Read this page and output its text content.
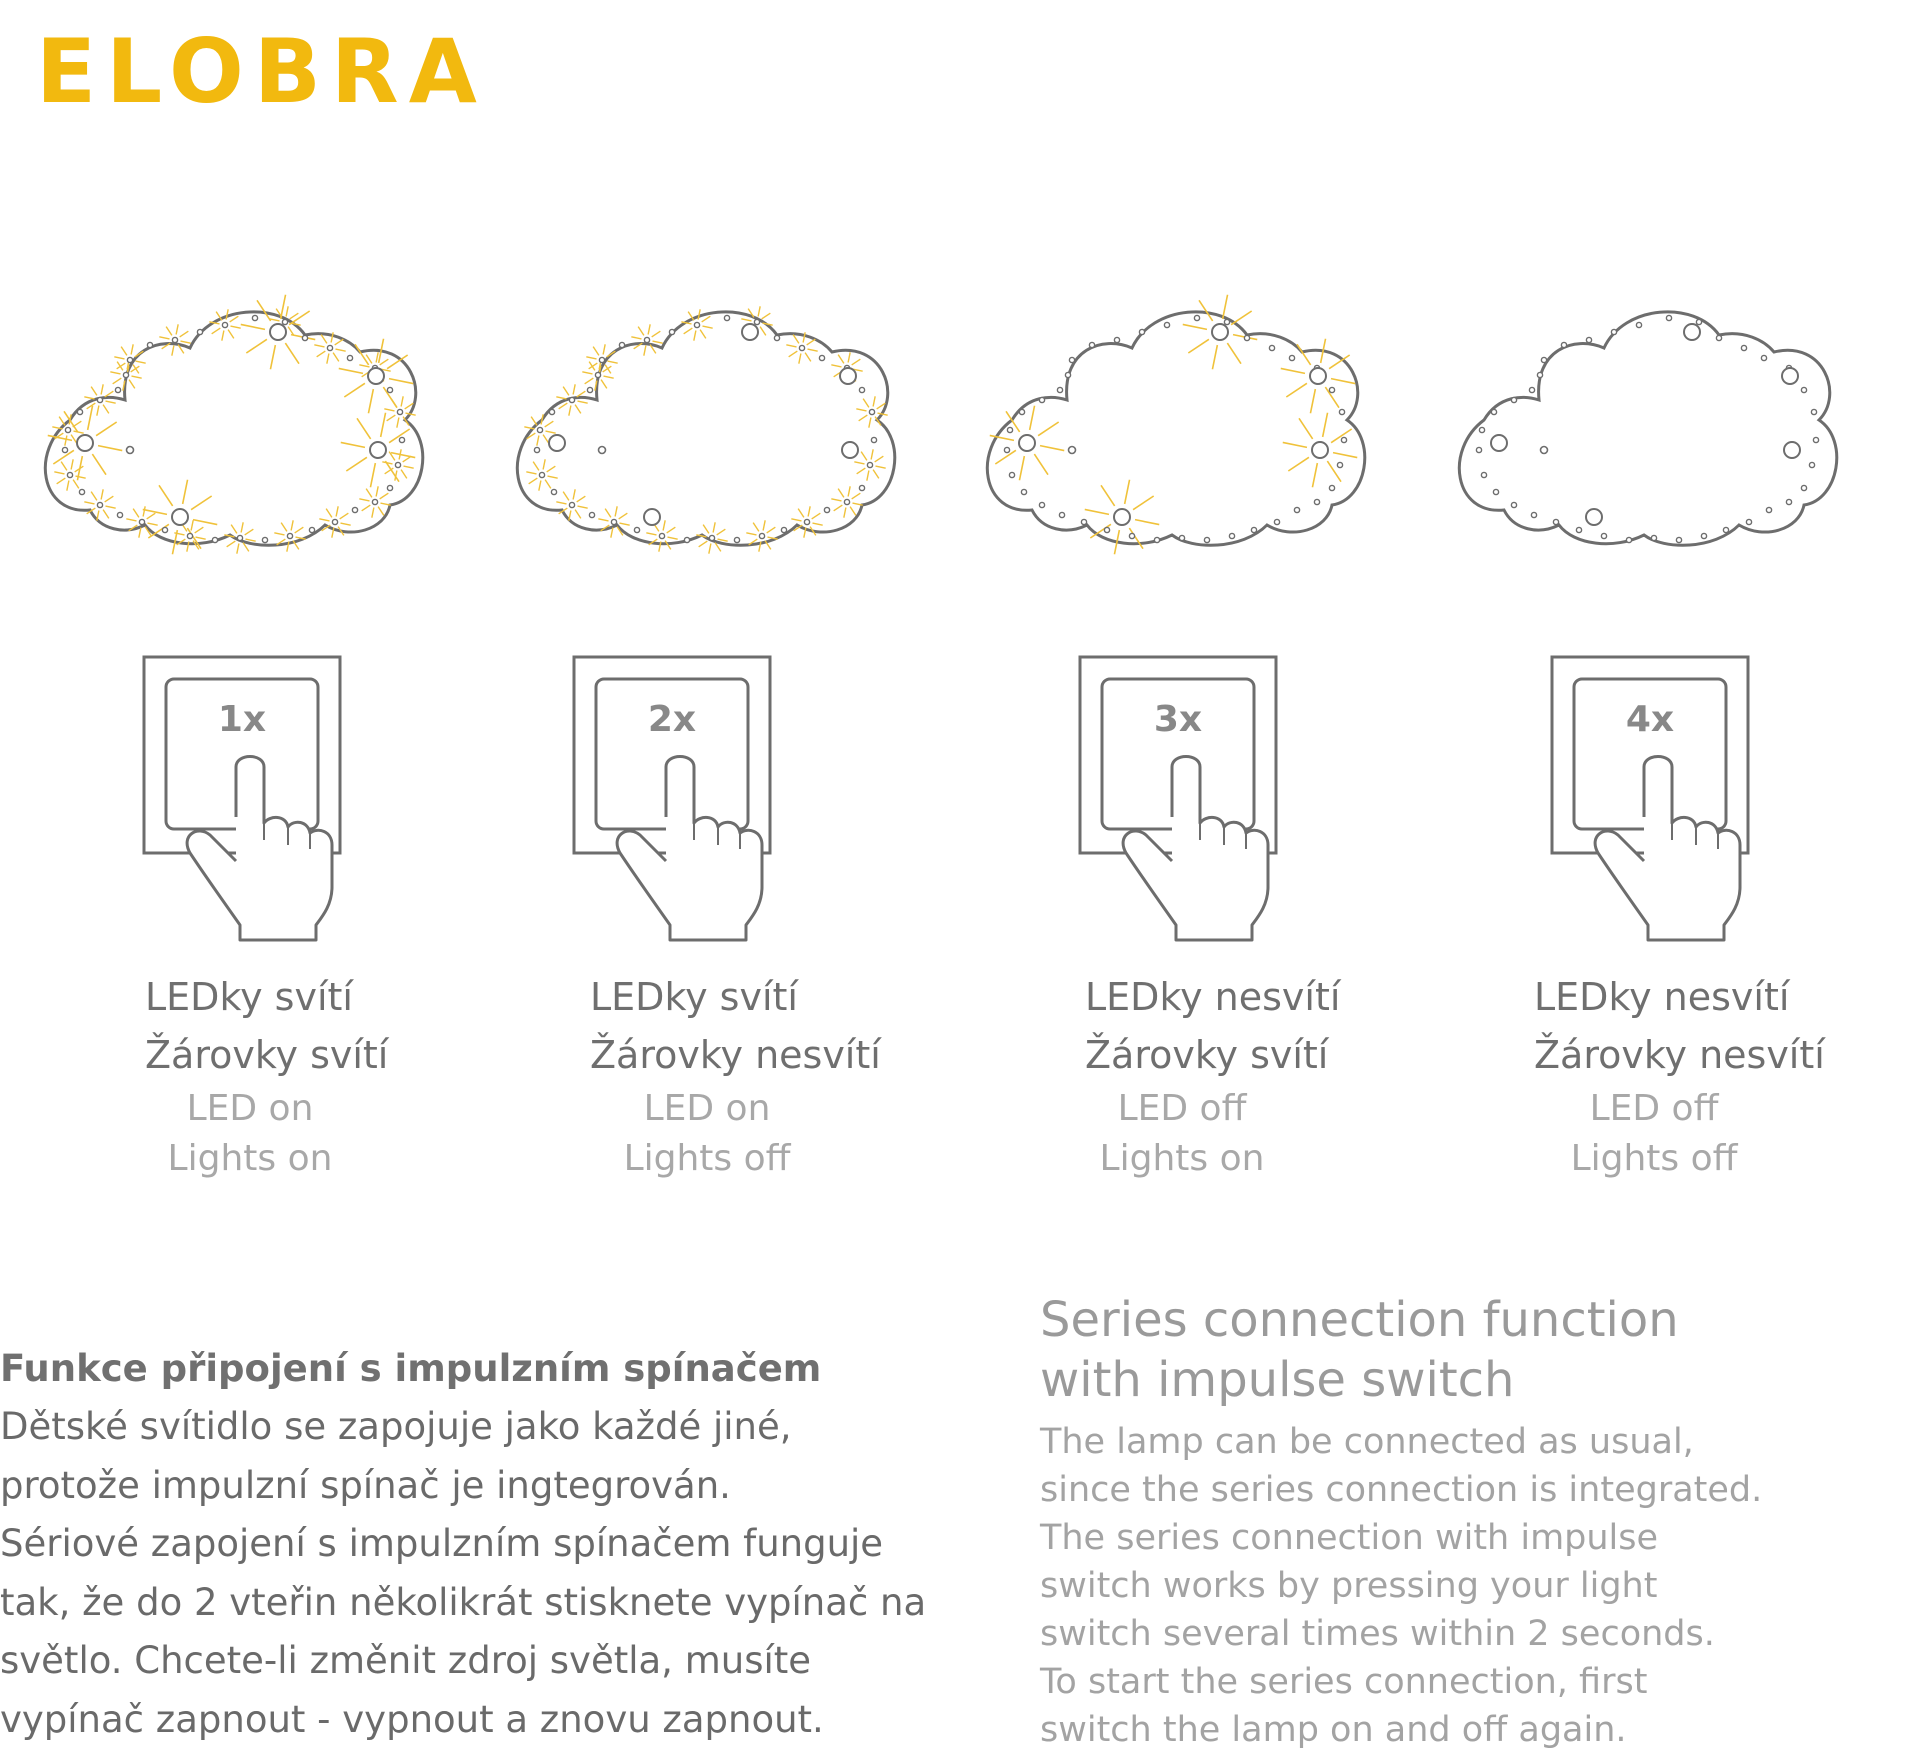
ELOBRA
1x
LEDky svítí
Žárovky svítí
LED on
Lights on
2x
LEDky svítí
Žárovky nesvítí
LED on
Lights off
3x
LEDky nesvítí
Žárovky svítí
LED off
Lights on
4x
LEDky nesvítí
Žárovky nesvítí
LED off
Lights off
Funkce připojení s impulzním spínačem

Dětské svítidlo se zapojuje jako každé jiné,
protože impulzní spínač je ingtegrován.
Sériové zapojení s impulzním spínačem funguje
tak, že do 2 vteřin několikrát stisknete vypínač na
světlo. Chcete-li změnit zdroj světla, musíte
vypínač zapnout - vypnout a znovu zapnout.

Series connection function
with impulse switch

The lamp can be connected as usual,
since the series connection is integrated.
The series connection with impulse
switch works by pressing your light
switch several times within 2 seconds.
To start the series connection, first
switch the lamp on and off again.
